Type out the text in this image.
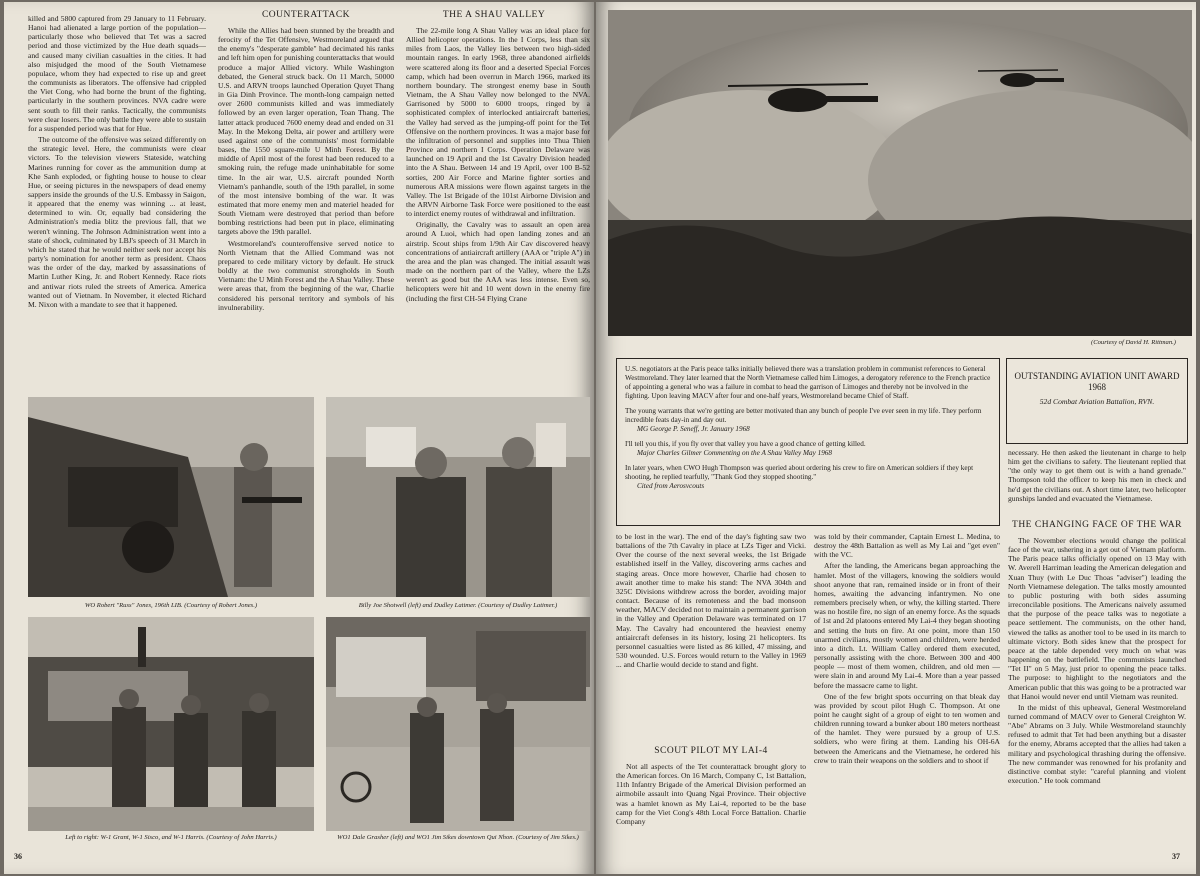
killed and 5800 captured from 29 January to 11 February. Hanoi had alienated a large portion of the population—particularly those who believed that Tet was a sacred period and those victimized by the Hue death squads—and caused many civilian casualties in the cities. It had also misjudged the mood of the South Vietnamese populace, whom they had expected to rise up and greet the communists as liberators. The offensive had crippled the Viet Cong, who had borne the brunt of the fighting, particularly in the southern provinces. NVA cadre were sent south to fill their ranks. Tactically, the communists were clear losers. The only battle they were able to sustain for a suspended period was that for Hue.

The outcome of the offensive was seized differently on the strategic level. Here, the communists were clear victors. To the television viewers Stateside, watching Marines running for cover as the ammunition dump at Khe Sanh exploded, or fighting house to house to clear Hue, or seeing pictures in the newspapers of dead enemy sappers inside the grounds of the U.S. Embassy in Saigon, it appeared that the enemy was winning ... at least, determined to win. Or, equally bad considering the Administration's media blitz the previous fall, that we weren't winning. The Johnson Administration went into a state of shock, culminated by LBJ's speech of 31 March in which he stated that he would neither seek nor accept his party's nomination for another term as president. Chaos was the order of the day, marked by assassinations of Martin Luther King, Jr. and Robert Kennedy. Race riots and antiwar riots ruled the streets of America. America wanted out of Vietnam. In November, it elected Richard M. Nixon with a mandate to see that it happened.

COUNTERATTACK

While the Allies had been stunned by the breadth and ferocity of the Tet Offensive, Westmoreland argued that the enemy's "desperate gamble" had decimated his ranks and left him open for punishing counterattacks that would produce a major Allied victory. While Washington debated, the General struck back. On 11 March, 50000 U.S. and ARVN troops launched Operation Quyet Thang in Gia Dinh Province. The month-long campaign netted over 2600 communists killed and was immediately followed by an even larger operation, Toan Thang. The latter attack produced 7600 enemy dead and ended on 31 May. In the Mekong Delta, air power and artillery were used against one of the communists' most formidable bases, the 1550 square-mile U Minh Forest. By the middle of April most of the forest had been reduced to a smoking ruin, the refuge made uninhabitable for some time. In the air war, U.S. aircraft pounded North Vietnam's panhandle, south of the 19th parallel, in some of the most intensive bombing of the war. It was estimated that more enemy men and materiel headed for South Vietnam were destroyed that period than before bombing restrictions had been put in place, eliminating targets above the 19th parallel.

Westmoreland's counteroffensive served notice to North Vietnam that the Allied Command was not prepared to cede military victory by default. He struck boldly at the two communist strongholds in South Vietnam: the U Minh Forest and the A Shau Valley. These were areas that, from the beginning of the war, Charlie considered his personal territory and symbols of his invulnerability.

THE A SHAU VALLEY

The 22-mile long A Shau Valley was an ideal place for Allied helicopter operations. In the I Corps, less than six miles from Laos, the Valley lies between two high-sided mountain ranges. In early 1968, three abandoned airfields were scattered along its floor and a deserted Special Forces camp, which had been overrun in March 1966, marked its northern boundary. The strongest enemy base in South Vietnam, the A Shau Valley now belonged to the NVA. Garrisoned by 5000 to 6000 troops, ringed by a sophisticated complex of interlocked antiaircraft batteries, the Valley had served as the jumping-off point for the Tet Offensive on the northern provinces. It was a major base for the infiltration of personnel and supplies into Thua Thien Province and northern I Corps. Operation Delaware was launched on 19 April and the 1st Cavalry Division headed into the A Shau. Between 14 and 19 April, over 100 B-52 sorties, 200 Air Force and Marine fighter sorties and numerous ARA missions were flown against targets in the Valley. The 1st Brigade of the 101st Airborne Division and the ARVN Airborne Task Force were positioned to the east to interdict enemy routes of withdrawal and infiltration.

Originally, the Cavalry was to assault an open area around A Luoi, which had open landing zones and an airstrip. Scout ships from 1/9th Air Cav discovered heavy concentrations of antiaircraft artillery (AAA or "triple A") in the area and the plan was changed. The initial assault was made on the northern part of the Valley, where the LZs weren't as good but the AAA was less intense. Even so, helicopters were hit and 10 went down in the enemy fire (including the first CH-54 Flying Crane

WO Robert "Russ" Jones, 196th LIB. (Courtesy of Robert Jones.)	Billy Joe Shotwell (left) and Dudley Latimer. (Courtesy of Dudley Latimer.)
Left to right: W-1 Grant, W-1 Sisco, and W-1 Harris. (Courtesy of John Harris.)	WO1 Dale Grasher (left) and WO1 Jim Sikes downtown Qui Nhon. (Courtesy of Jim Sikes.)
36
(Courtesy of David H. Rittman.)

U.S. negotiators at the Paris peace talks initially believed there was a translation problem in communist references to General Westmoreland. They later learned that the North Vietnamese called him Limoges, a derogatory reference to the French practice of appointing a general who was a failure in combat to head the garrison of Limoges and thereby not be involved in the fighting. Upon leaving MACV after four and one-half years, Westmoreland became Chief of Staff.

The young warrants that we're getting are better motivated than any bunch of people I've ever seen in my life. They perform incredible feats day-in and day out.

MG George P. Seneff, Jr. January 1968

I'll tell you this, if you fly over that valley you have a good chance of getting killed.

Major Charles Gilmer Commenting on the A Shau Valley May 1968

In later years, when CWO Hugh Thompson was queried about ordering his crew to fire on American soldiers if they kept shooting, he replied tearfully, "Thank God they stopped shooting."

Cited from Aerosvcouts

OUTSTANDING AVIATION UNIT AWARD 1968
52d Combat Aviation Battalion, RVN.

to be lost in the war). The end of the day's fighting saw two battalions of the 7th Cavalry in place at LZs Tiger and Vicki. Over the course of the next several weeks, the 1st Brigade established itself in the Valley, discovering arms caches and staging areas. Once more however, Charlie had chosen to await another time to make his stand: The NVA 304th and 325C Divisions withdrew across the border, avoiding major contact. Because of its remoteness and the bad monsoon weather, MACV decided not to maintain a permanent garrison in the Valley and Operation Delaware was terminated on 17 May. The Cavalry had encountered the heaviest enemy antiaircraft defenses in its history, losing 21 helicopters. Its personnel casualties were listed as 86 killed, 47 missing, and 530 wounded. U.S. Forces would return to the Valley in 1969 ... and Charlie would decide to stand and fight.

SCOUT PILOT MY LAI-4

Not all aspects of the Tet counterattack brought glory to the American forces. On 16 March, Company C, 1st Battalion, 11th Infantry Brigade of the Americal Division performed an airmobile assault into Quang Ngai Province. Their objective was a hamlet known as My Lai-4, reported to be the base camp for the Viet Cong's 48th Local Force Battalion. Charlie Company

was told by their commander, Captain Ernest L. Medina, to destroy the 48th Battalion as well as My Lai and "get even" with the VC.

After the landing, the Americans began approaching the hamlet. Most of the villagers, knowing the soldiers would shoot anyone that ran, remained inside or in front of their homes, awaiting the advancing infantrymen. No one remembers precisely when, or why, the killing started. There was no hostile fire, no sign of an enemy force. As the squads of 1st and 2d platoons entered My Lai-4 they began shooting and setting the huts on fire. At one point, more than 150 unarmed civilians, mostly women and children, were herded into a ditch. Lt. William Calley ordered them executed, personally assisting with the chore. Between 300 and 400 people — most of them women, children, and old men — were slain in and around My Lai-4. More than a year passed before the massacre came to light.

One of the few bright spots occurring on that bleak day was provided by scout pilot Hugh C. Thompson. At one point he caught sight of a group of eight to ten women and children running toward a bunker about 180 meters northeast of the hamlet. They were pursued by a group of U.S. soldiers, who were firing at them. Landing his OH-6A between the Americans and the Vietnamese, he ordered his crew to train their weapons on the soldiers and to shoot if

necessary. He then asked the lieutenant in charge to help him get the civilians to safety. The lieutenant replied that "the only way to get them out is with a hand grenade." Thompson told the officer to keep his men in check and he'd get the civilians out. A short time later, two helicopter gunships landed and evacuated the Vietnamese.

THE CHANGING FACE OF THE WAR

The November elections would change the political face of the war, ushering in a get out of Vietnam platform. The Paris peace talks officially opened on 13 May with W. Averell Harriman leading the American delegation and Xuan Thuy (with Le Duc Thoas "adviser") leading the North Vietnamese delegation. The talks mostly amounted to public posturing with both sides assuming irreconcilable positions. The Americans naively assumed that the purpose of the peace talks was to negotiate a peace settlement. The communists, on the other hand, viewed the talks as another tool to be used in its march to ultimate victory. Both sides knew that the prospect for peace at the table depended very much on what was happening on the battlefield. The communists launched "Tet II" on 5 May, just prior to opening the peace talks. The purpose: to highlight to the negotiators and the American public that this was going to be a protracted war that Hanoi would never end until Vietnam was reunited.

In the midst of this upheaval, General Westmoreland turned command of MACV over to General Creighton W. "Abe" Abrams on 3 July. While Westmoreland staunchly refused to admit that Tet had been anything but a disaster for the enemy, Abrams accepted that the allies had taken a military and psychological thrashing during the offensive. The new commander was renowned for his profanity and distinctive combat style: "careful planning and violent execution." He took command

37
